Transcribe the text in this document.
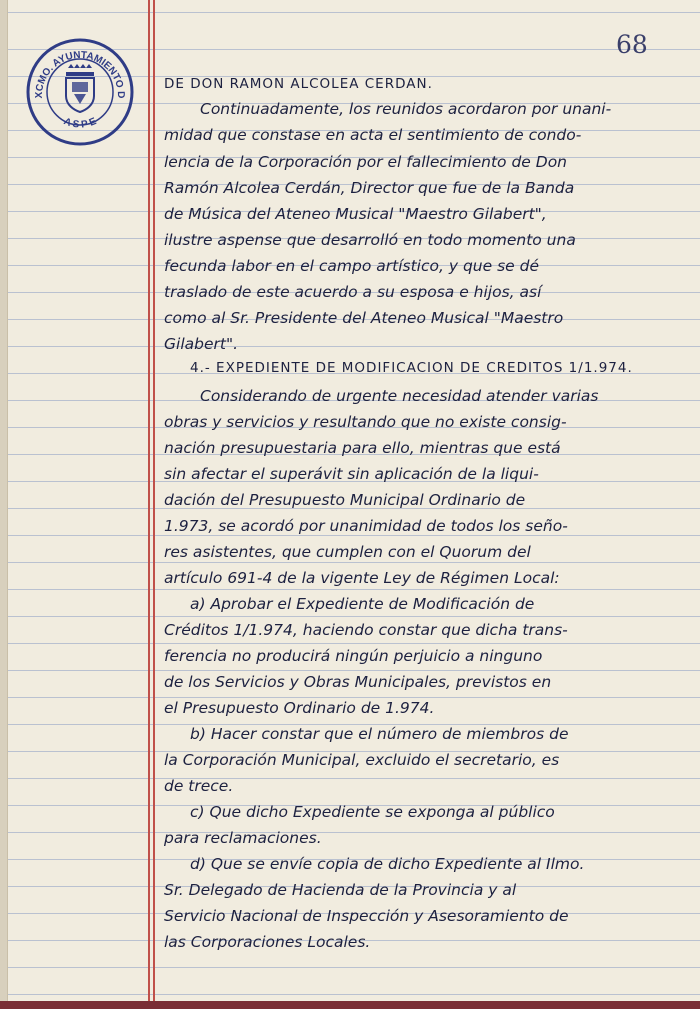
68
XCMO. AYUNTAMIENTO D
A S P E
DE DON RAMON ALCOLEA CERDAN.
Continuadamente, los reunidos acordaron por unani-
midad que constase en acta el sentimiento de condo-
lencia de la Corporación por el fallecimiento de Don
Ramón Alcolea Cerdán, Director que fue de la Banda
de Música del Ateneo Musical "Maestro Gilabert",
ilustre aspense que desarrolló en todo momento una
fecunda labor en el campo artístico, y que se dé
traslado de este acuerdo a su esposa e hijos, así
como al Sr. Presidente del Ateneo Musical "Maestro
Gilabert".
4.- EXPEDIENTE DE MODIFICACION DE CREDITOS 1/1.974.
Considerando de urgente necesidad atender varias
obras y servicios y resultando que no existe consig-
nación presupuestaria para ello, mientras que está
sin afectar el superávit sin aplicación de la liqui-
dación del Presupuesto Municipal Ordinario de
1.973, se acordó por unanimidad de todos los seño-
res asistentes, que cumplen con el Quorum del
artículo 691-4 de la vigente Ley de Régimen Local:
a) Aprobar el Expediente de Modificación de
Créditos 1/1.974, haciendo constar que dicha trans-
ferencia no producirá ningún perjuicio a ninguno
de los Servicios y Obras Municipales, previstos en
el Presupuesto Ordinario de 1.974.
b) Hacer constar que el número de miembros de
la Corporación Municipal, excluido el secretario, es
de trece.
c) Que dicho Expediente se exponga al público
para reclamaciones.
d) Que se envíe copia de dicho Expediente al Ilmo.
Sr. Delegado de Hacienda de la Provincia y al
Servicio Nacional de Inspección y Asesoramiento de
las Corporaciones Locales.
